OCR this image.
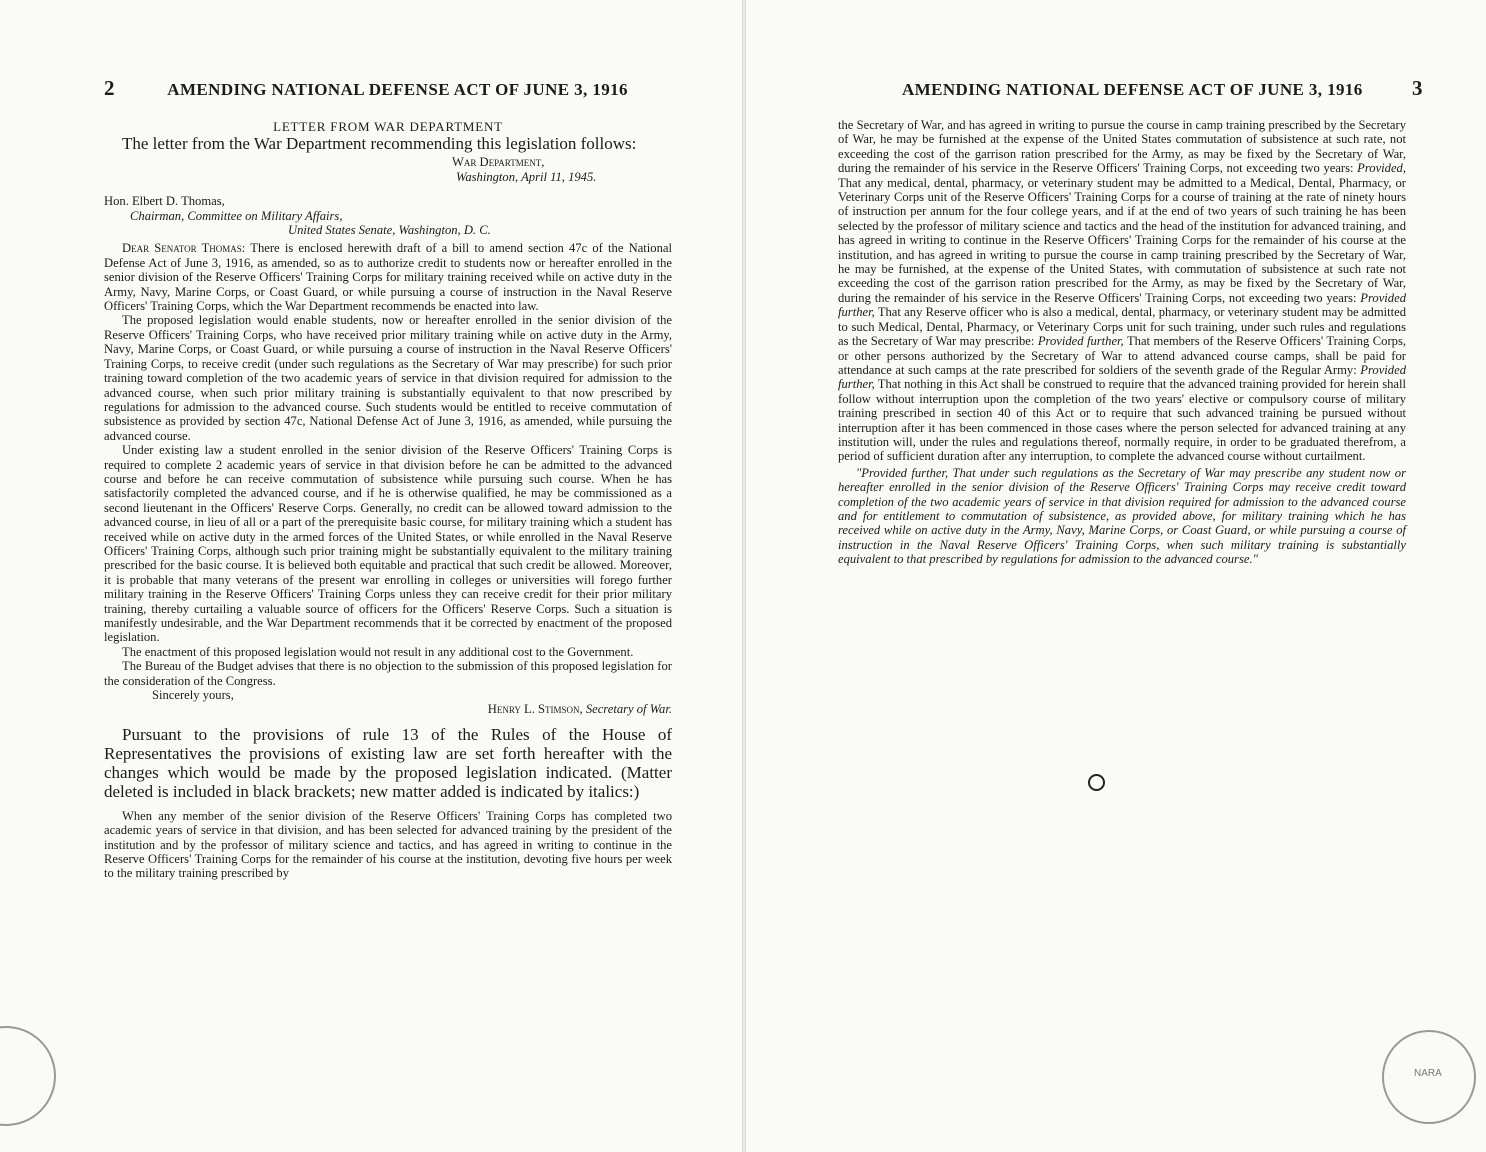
2	AMENDING NATIONAL DEFENSE ACT OF JUNE 3, 1916

LETTER FROM WAR DEPARTMENT

The letter from the War Department recommending this legislation follows:

War Department,

Washington, April 11, 1945.

Hon. Elbert D. Thomas,

Chairman, Committee on Military Affairs,

United States Senate, Washington, D. C.

Dear Senator Thomas: There is enclosed herewith draft of a bill to amend section 47c of the National Defense Act of June 3, 1916, as amended, so as to authorize credit to students now or hereafter enrolled in the senior division of the Reserve Officers' Training Corps for military training received while on active duty in the Army, Navy, Marine Corps, or Coast Guard, or while pursuing a course of instruction in the Naval Reserve Officers' Training Corps, which the War Department recommends be enacted into law.

The proposed legislation would enable students, now or hereafter enrolled in the senior division of the Reserve Officers' Training Corps, who have received prior military training while on active duty in the Army, Navy, Marine Corps, or Coast Guard, or while pursuing a course of instruction in the Naval Reserve Officers' Training Corps, to receive credit (under such regulations as the Secretary of War may prescribe) for such prior training toward completion of the two academic years of service in that division required for admission to the advanced course, when such prior military training is substantially equivalent to that now prescribed by regulations for admission to the advanced course. Such students would be entitled to receive commutation of subsistence as provided by section 47c, National Defense Act of June 3, 1916, as amended, while pursuing the advanced course.

Under existing law a student enrolled in the senior division of the Reserve Officers' Training Corps is required to complete 2 academic years of service in that division before he can be admitted to the advanced course and before he can receive commutation of subsistence while pursuing such course. When he has satisfactorily completed the advanced course, and if he is otherwise qualified, he may be commissioned as a second lieutenant in the Officers' Reserve Corps. Generally, no credit can be allowed toward admission to the advanced course, in lieu of all or a part of the prerequisite basic course, for military training which a student has received while on active duty in the armed forces of the United States, or while enrolled in the Naval Reserve Officers' Training Corps, although such prior training might be substantially equivalent to the military training prescribed for the basic course. It is believed both equitable and practical that such credit be allowed. Moreover, it is probable that many veterans of the present war enrolling in colleges or universities will forego further military training in the Reserve Officers' Training Corps unless they can receive credit for their prior military training, thereby curtailing a valuable source of officers for the Officers' Reserve Corps. Such a situation is manifestly undesirable, and the War Department recommends that it be corrected by enactment of the proposed legislation.

The enactment of this proposed legislation would not result in any additional cost to the Government.

The Bureau of the Budget advises that there is no objection to the submission of this proposed legislation for the consideration of the Congress.

Sincerely yours,

Henry L. Stimson, Secretary of War.

Pursuant to the provisions of rule 13 of the Rules of the House of Representatives the provisions of existing law are set forth hereafter with the changes which would be made by the proposed legislation indicated. (Matter deleted is included in black brackets; new matter added is indicated by italics:)

When any member of the senior division of the Reserve Officers' Training Corps has completed two academic years of service in that division, and has been selected for advanced training by the president of the institution and by the professor of military science and tactics, and has agreed in writing to continue in the Reserve Officers' Training Corps for the remainder of his course at the institution, devoting five hours per week to the military training prescribed by

AMENDING NATIONAL DEFENSE ACT OF JUNE 3, 1916 3

the Secretary of War, and has agreed in writing to pursue the course in camp training prescribed by the Secretary of War, he may be furnished at the expense of the United States commutation of subsistence at such rate, not exceeding the cost of the garrison ration prescribed for the Army, as may be fixed by the Secretary of War, during the remainder of his service in the Reserve Officers' Training Corps, not exceeding two years: Provided, That any medical, dental, pharmacy, or veterinary student may be admitted to a Medical, Dental, Pharmacy, or Veterinary Corps unit of the Reserve Officers' Training Corps for a course of training at the rate of ninety hours of instruction per annum for the four college years, and if at the end of two years of such training he has been selected by the professor of military science and tactics and the head of the institution for advanced training, and has agreed in writing to continue in the Reserve Officers' Training Corps for the remainder of his course at the institution, and has agreed in writing to pursue the course in camp training prescribed by the Secretary of War, he may be furnished, at the expense of the United States, with commutation of subsistence at such rate not exceeding the cost of the garrison ration prescribed for the Army, as may be fixed by the Secretary of War, during the remainder of his service in the Reserve Officers' Training Corps, not exceeding two years: Provided further, That any Reserve officer who is also a medical, dental, pharmacy, or veterinary student may be admitted to such Medical, Dental, Pharmacy, or Veterinary Corps unit for such training, under such rules and regulations as the Secretary of War may prescribe: Provided further, That members of the Reserve Officers' Training Corps, or other persons authorized by the Secretary of War to attend advanced course camps, shall be paid for attendance at such camps at the rate prescribed for soldiers of the seventh grade of the Regular Army: Provided further, That nothing in this Act shall be construed to require that the advanced training provided for herein shall follow without interruption upon the completion of the two years' elective or compulsory course of military training prescribed in section 40 of this Act or to require that such advanced training be pursued without interruption after it has been commenced in those cases where the person selected for advanced training at any institution will, under the rules and regulations thereof, normally require, in order to be graduated therefrom, a period of sufficient duration after any interruption, to complete the advanced course without curtailment.

"Provided further, That under such regulations as the Secretary of War may prescribe any student now or hereafter enrolled in the senior division of the Reserve Officers' Training Corps may receive credit toward completion of the two academic years of service in that division required for admission to the advanced course and for entitlement to commutation of subsistence, as provided above, for military training which he has received while on active duty in the Army, Navy, Marine Corps, or Coast Guard, or while pursuing a course of instruction in the Naval Reserve Officers' Training Corps, when such military training is substantially equivalent to that prescribed by regulations for admission to the advanced course."

NARA
